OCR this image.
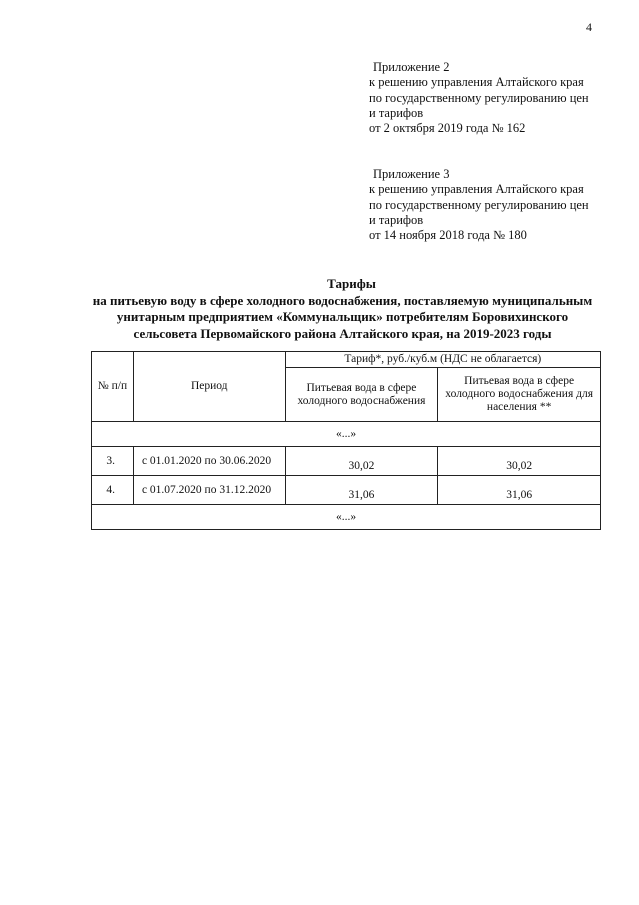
4
Приложение 2
к решению управления Алтайского края
по государственному регулированию цен
и тарифов
от 2 октября 2019 года № 162
Приложение 3
к решению управления Алтайского края
по государственному регулированию цен
и тарифов
от 14 ноября 2018 года № 180
Тарифы
на питьевую воду в сфере холодного водоснабжения, поставляемую муниципальным
унитарным предприятием «Коммунальщик» потребителям Боровихинского
сельсовета Первомайского района Алтайского края, на 2019-2023 годы
№ п/п	Период	Тариф*, руб./куб.м (НДС не облагается)	
		Питьевая вода в сфере холодного водоснабжения	Питьевая вода в сфере холодного водоснабжения для населения **
«...»			
3.	с 01.01.2020 по 30.06.2020	30,02	30,02
4.	с 01.07.2020 по 31.12.2020	31,06	31,06
«...»			
